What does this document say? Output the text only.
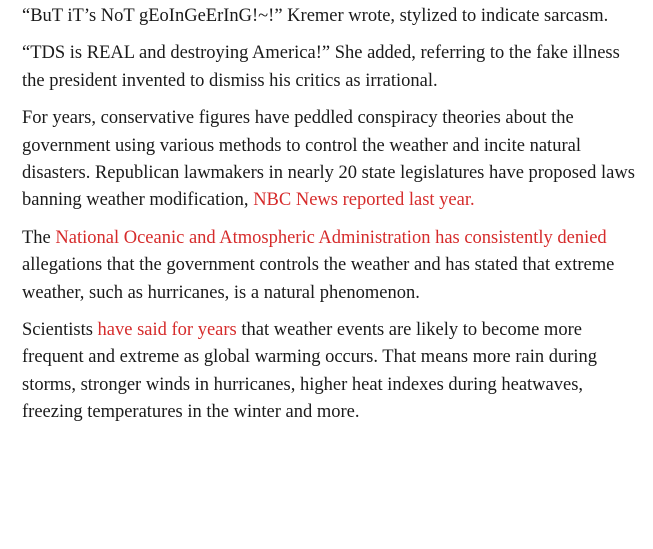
“BuT iT’s NoT gEoInGeErInG!~!” Kremer wrote, stylized to indicate sarcasm.

“TDS is REAL and destroying America!” She added, referring to the fake illness the president invented to dismiss his critics as irrational.

For years, conservative figures have peddled conspiracy theories about the government using various methods to control the weather and incite natural disasters. Republican lawmakers in nearly 20 state legislatures have proposed laws banning weather modification, NBC News reported last year.

The National Oceanic and Atmospheric Administration has consistently denied allegations that the government controls the weather and has stated that extreme weather, such as hurricanes, is a natural phenomenon.

Scientists have said for years that weather events are likely to become more frequent and extreme as global warming occurs. That means more rain during storms, stronger winds in hurricanes, higher heat indexes during heatwaves, freezing temperatures in the winter and more.
